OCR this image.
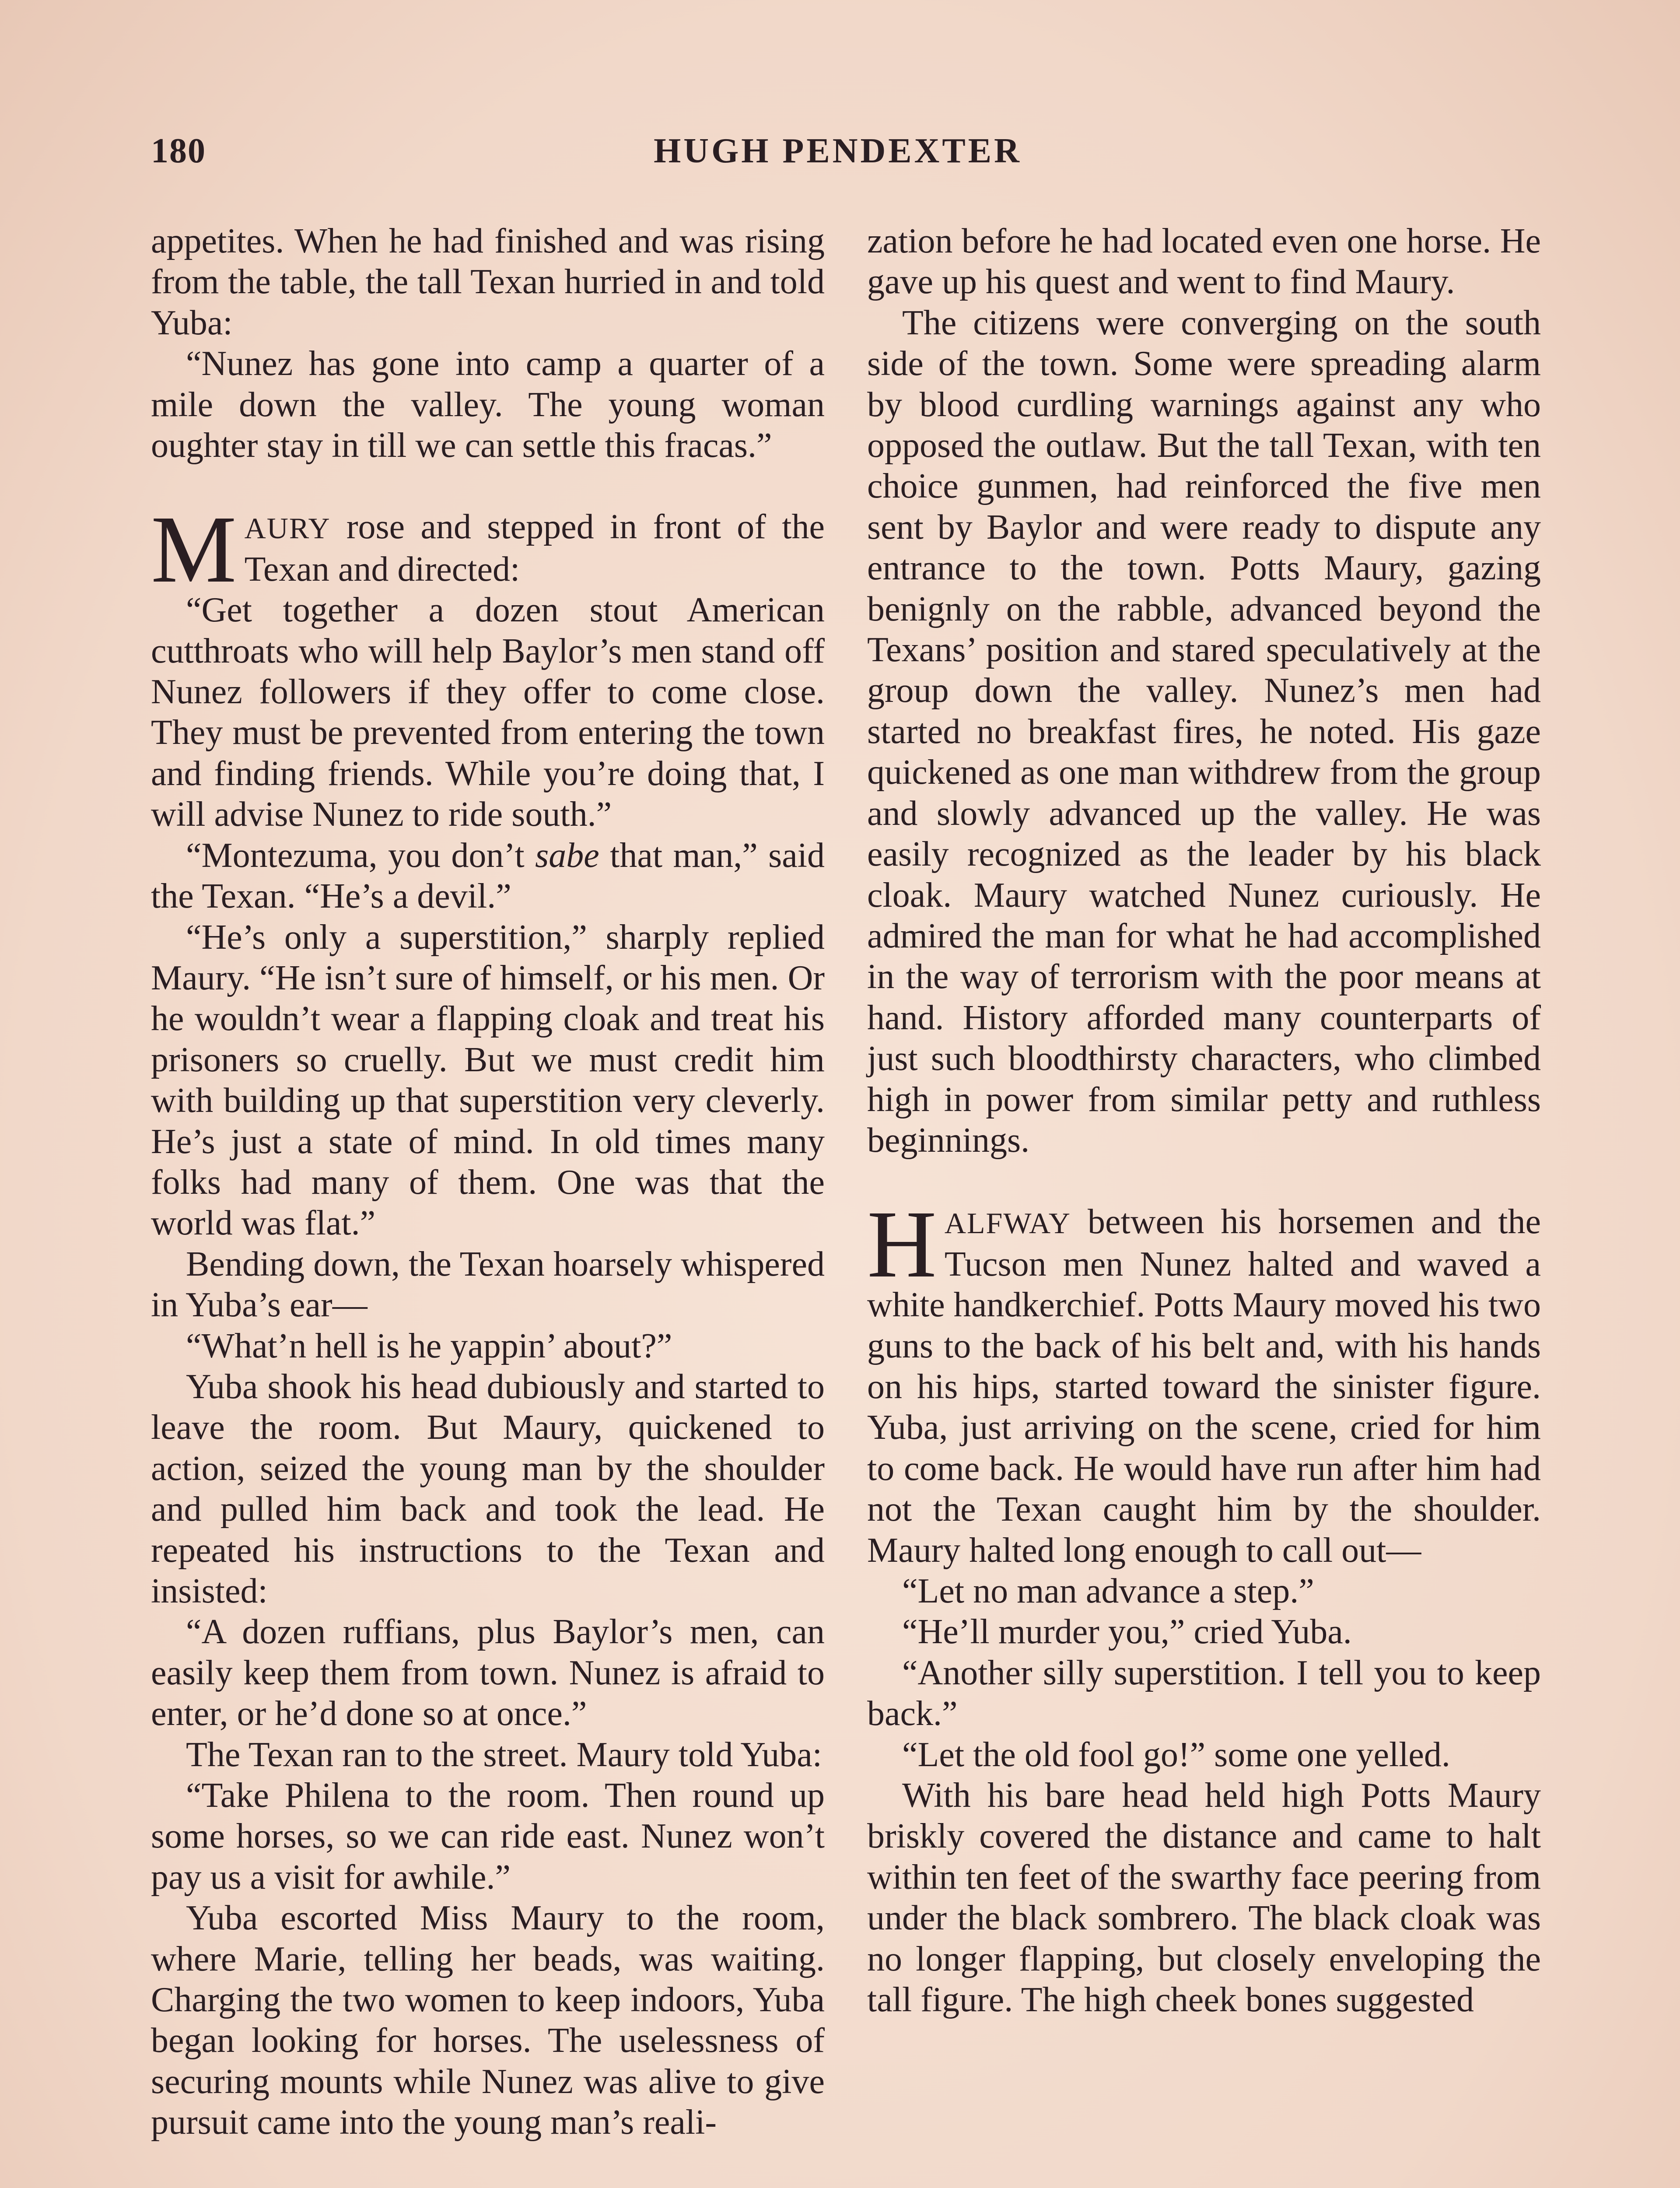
180	HUGH PENDEXTER

appetites. When he had finished and was rising from the table, the tall Texan hurried in and told Yuba:

“Nunez has gone into camp a quarter of a mile down the valley. The young woman oughter stay in till we can settle this fracas.”

MAURY rose and stepped in front of the Texan and directed:

“Get together a dozen stout American cutthroats who will help Baylor’s men stand off Nunez followers if they offer to come close. They must be prevented from entering the town and finding friends. While you’re doing that, I will advise Nunez to ride south.”

“Montezuma, you don’t sabe that man,” said the Texan. “He’s a devil.”

“He’s only a superstition,” sharply replied Maury. “He isn’t sure of himself, or his men. Or he wouldn’t wear a flapping cloak and treat his prisoners so cruelly. But we must credit him with building up that superstition very cleverly. He’s just a state of mind. In old times many folks had many of them. One was that the world was flat.”

Bending down, the Texan hoarsely whispered in Yuba’s ear—

“What’n hell is he yappin’ about?”

Yuba shook his head dubiously and started to leave the room. But Maury, quickened to action, seized the young man by the shoulder and pulled him back and took the lead. He repeated his instructions to the Texan and insisted:

“A dozen ruffians, plus Baylor’s men, can easily keep them from town. Nunez is afraid to enter, or he’d done so at once.”

The Texan ran to the street. Maury told Yuba:

“Take Philena to the room. Then round up some horses, so we can ride east. Nunez won’t pay us a visit for awhile.”

Yuba escorted Miss Maury to the room, where Marie, telling her beads, was waiting. Charging the two women to keep indoors, Yuba began looking for horses. The uselessness of securing mounts while Nunez was alive to give pursuit came into the young man’s reali-

zation before he had located even one horse. He gave up his quest and went to find Maury.

The citizens were converging on the south side of the town. Some were spreading alarm by blood curdling warnings against any who opposed the outlaw. But the tall Texan, with ten choice gunmen, had reinforced the five men sent by Baylor and were ready to dispute any entrance to the town. Potts Maury, gazing benignly on the rabble, advanced beyond the Texans’ position and stared speculatively at the group down the valley. Nunez’s men had started no breakfast fires, he noted. His gaze quickened as one man withdrew from the group and slowly advanced up the valley. He was easily recognized as the leader by his black cloak. Maury watched Nunez curiously. He admired the man for what he had accomplished in the way of terrorism with the poor means at hand. History afforded many counterparts of just such bloodthirsty characters, who climbed high in power from similar petty and ruthless beginnings.

HALFWAY between his horsemen and the Tucson men Nunez halted and waved a white handkerchief. Potts Maury moved his two guns to the back of his belt and, with his hands on his hips, started toward the sinister figure. Yuba, just arriving on the scene, cried for him to come back. He would have run after him had not the Texan caught him by the shoulder. Maury halted long enough to call out—

“Let no man advance a step.”

“He’ll murder you,” cried Yuba.

“Another silly superstition. I tell you to keep back.”

“Let the old fool go!” some one yelled.

With his bare head held high Potts Maury briskly covered the distance and came to halt within ten feet of the swarthy face peering from under the black sombrero. The black cloak was no longer flapping, but closely enveloping the tall figure. The high cheek bones suggested
